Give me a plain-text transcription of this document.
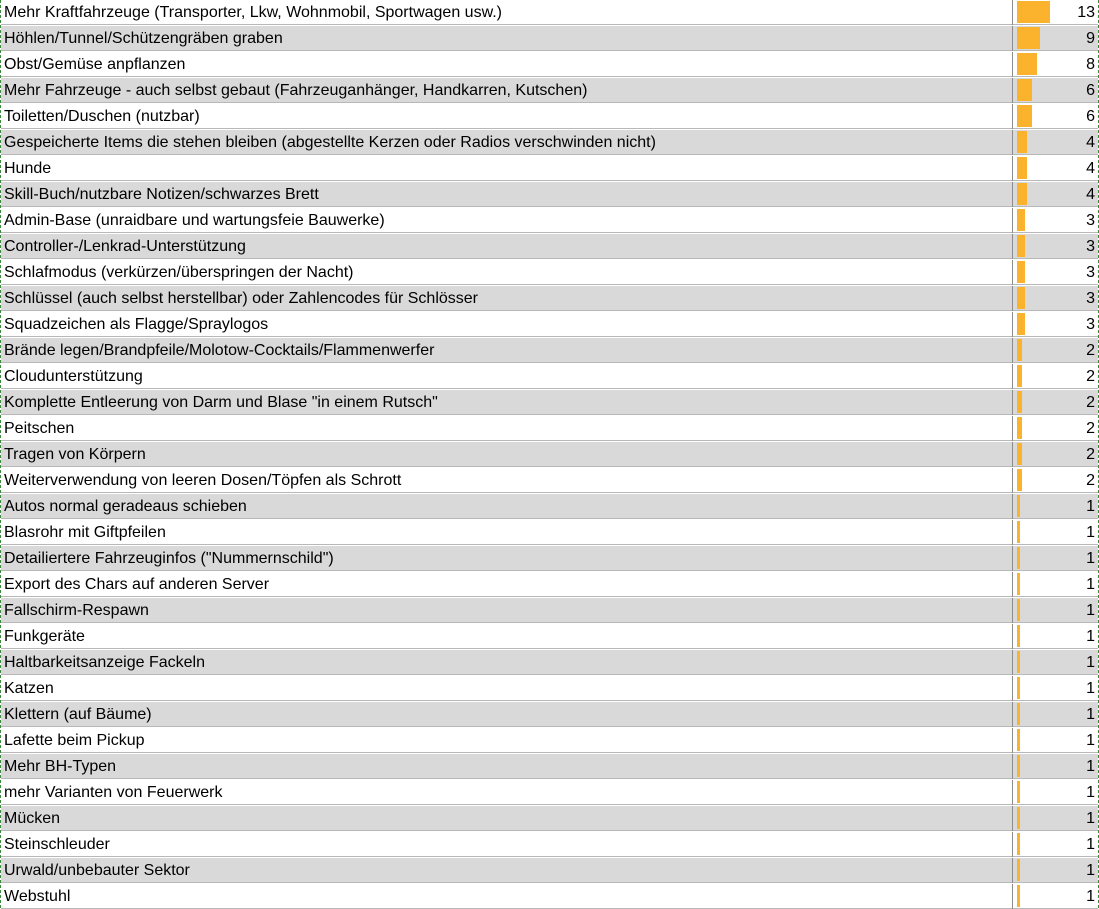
Mehr Kraftfahrzeuge (Transporter, Lkw, Wohnmobil, Sportwagen usw.)	13
Höhlen/Tunnel/Schützengräben graben	9
Obst/Gemüse anpflanzen	8
Mehr Fahrzeuge - auch selbst gebaut (Fahrzeuganhänger, Handkarren, Kutschen)	6
Toiletten/Duschen (nutzbar)	6
Gespeicherte Items die stehen bleiben (abgestellte Kerzen oder Radios verschwinden nicht)	4
Hunde	4
Skill-Buch/nutzbare Notizen/schwarzes Brett	4
Admin-Base (unraidbare und wartungsfeie Bauwerke)	3
Controller-/Lenkrad-Unterstützung	3
Schlafmodus (verkürzen/überspringen der Nacht)	3
Schlüssel (auch selbst herstellbar) oder Zahlencodes für Schlösser	3
Squadzeichen als Flagge/Spraylogos	3
Brände legen/Brandpfeile/Molotow-Cocktails/Flammenwerfer	2
Cloudunterstützung	2
Komplette Entleerung von Darm und Blase "in einem Rutsch"	2
Peitschen	2
Tragen von Körpern	2
Weiterverwendung von leeren Dosen/Töpfen als Schrott	2
Autos normal geradeaus schieben	1
Blasrohr mit Giftpfeilen	1
Detailiertere Fahrzeuginfos ("Nummernschild")	1
Export des Chars auf anderen Server	1
Fallschirm-Respawn	1
Funkgeräte	1
Haltbarkeitsanzeige Fackeln	1
Katzen	1
Klettern (auf Bäume)	1
Lafette beim Pickup	1
Mehr BH-Typen	1
mehr Varianten von Feuerwerk	1
Mücken	1
Steinschleuder	1
Urwald/unbebauter Sektor	1
Webstuhl	1
